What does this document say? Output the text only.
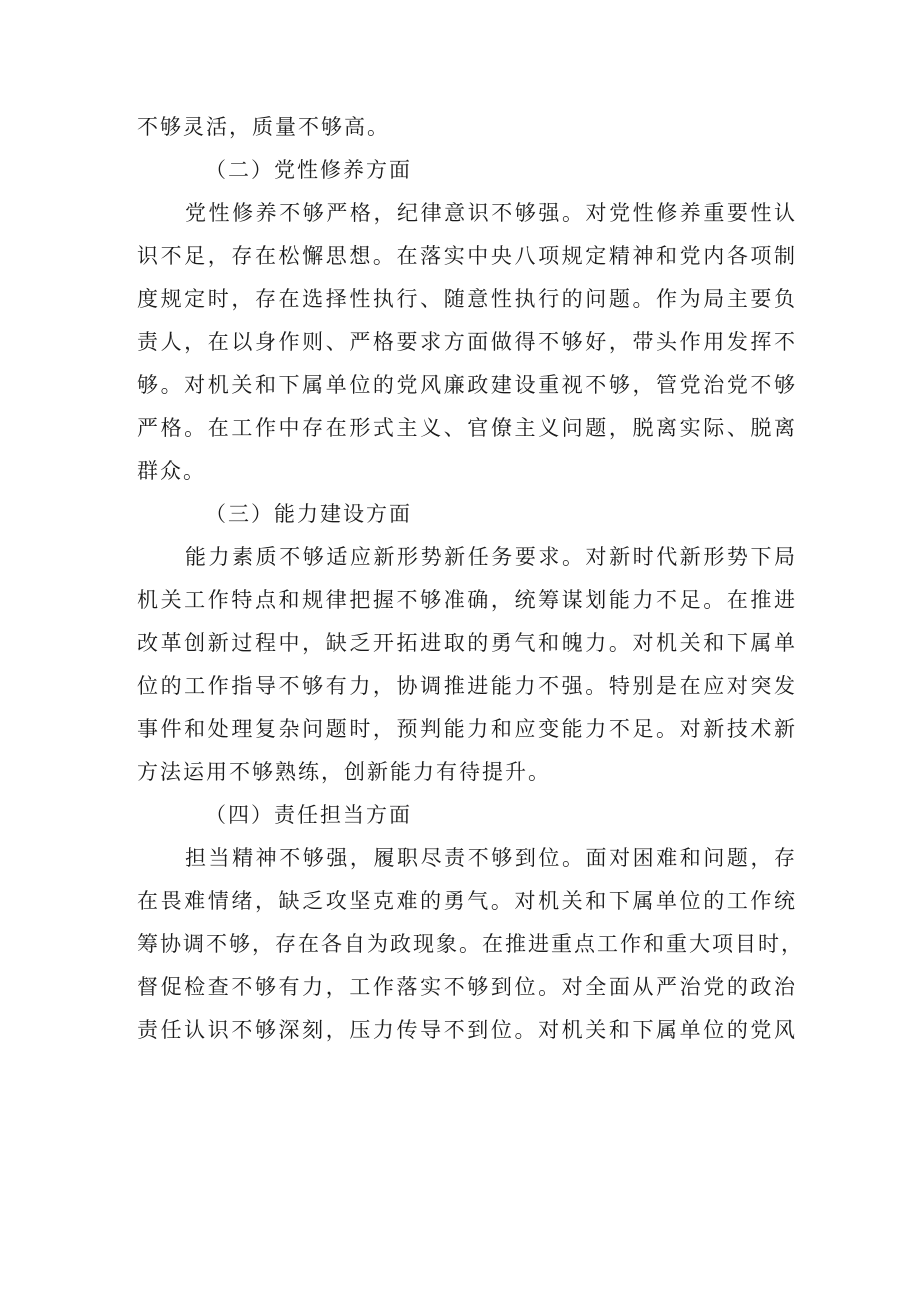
不够灵活，质量不够高。
（二）党性修养方面
党性修养不够严格，纪律意识不够强。对党性修养重要性认
识不足，存在松懈思想。在落实中央八项规定精神和党内各项制
度规定时，存在选择性执行、随意性执行的问题。作为局主要负
责人，在以身作则、严格要求方面做得不够好，带头作用发挥不
够。对机关和下属单位的党风廉政建设重视不够，管党治党不够
严格。在工作中存在形式主义、官僚主义问题，脱离实际、脱离
群众。
（三）能力建设方面
能力素质不够适应新形势新任务要求。对新时代新形势下局
机关工作特点和规律把握不够准确，统筹谋划能力不足。在推进
改革创新过程中，缺乏开拓进取的勇气和魄力。对机关和下属单
位的工作指导不够有力，协调推进能力不强。特别是在应对突发
事件和处理复杂问题时，预判能力和应变能力不足。对新技术新
方法运用不够熟练，创新能力有待提升。
（四）责任担当方面
担当精神不够强，履职尽责不够到位。面对困难和问题，存
在畏难情绪，缺乏攻坚克难的勇气。对机关和下属单位的工作统
筹协调不够，存在各自为政现象。在推进重点工作和重大项目时，
督促检查不够有力，工作落实不够到位。对全面从严治党的政治
责任认识不够深刻，压力传导不到位。对机关和下属单位的党风
